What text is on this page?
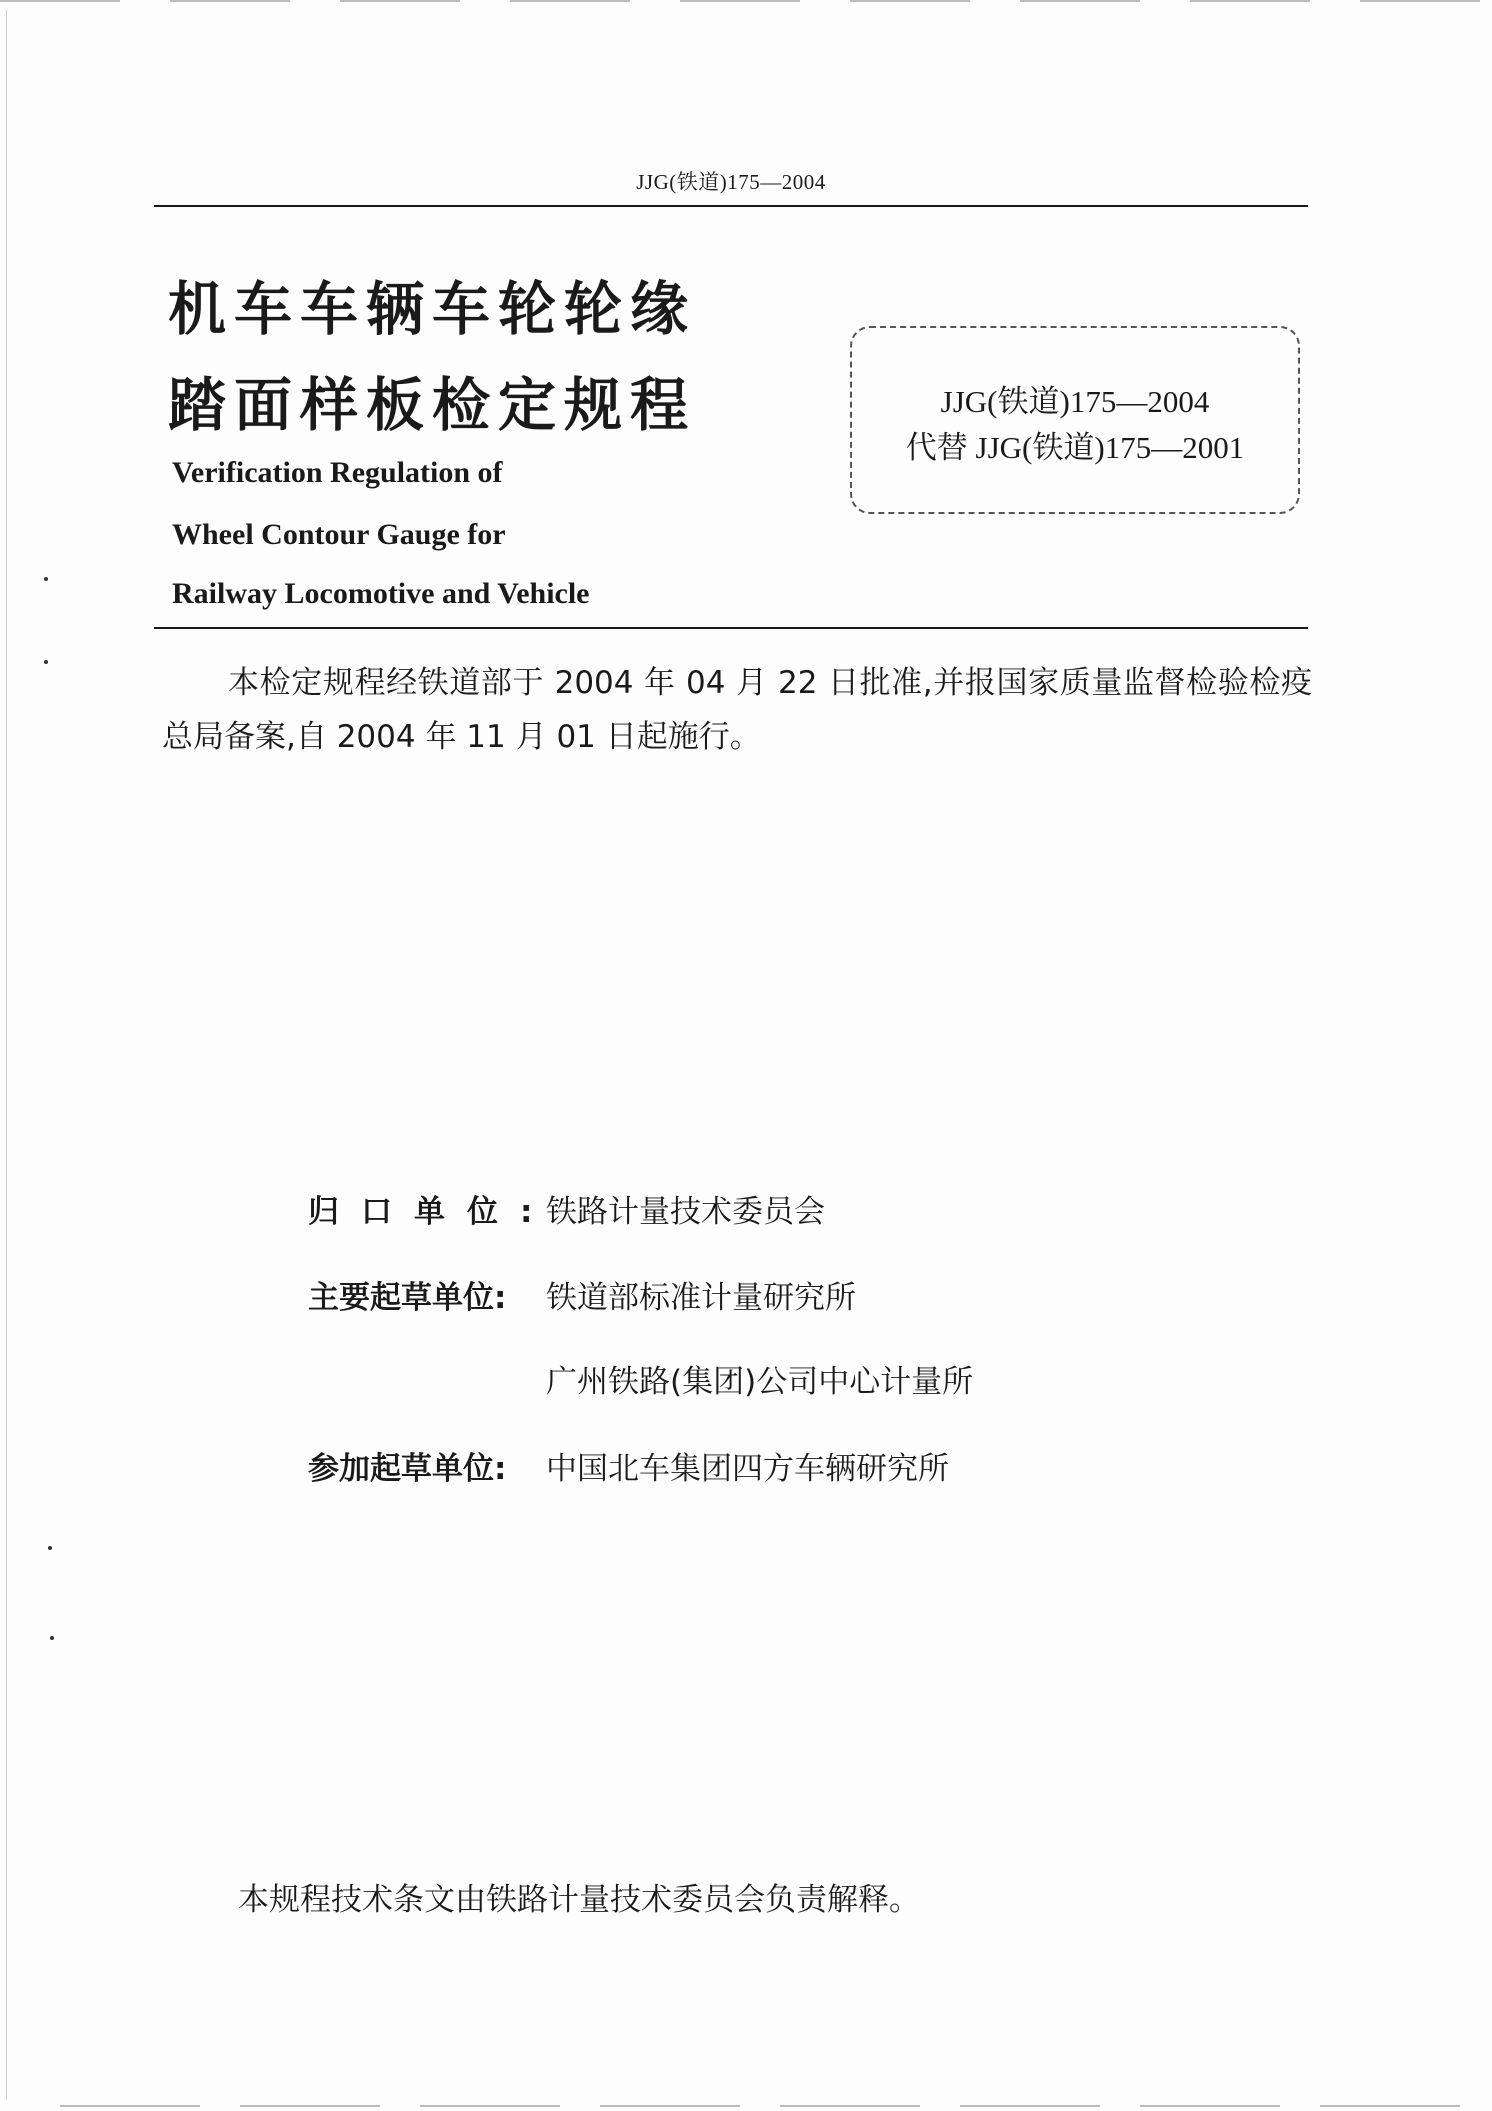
JJG(铁道)175—2004
机车车辆车轮轮缘
踏面样板检定规程
Verification Regulation of
Wheel Contour Gauge for
Railway Locomotive and Vehicle
JJG(铁道)175—2004
代替 JJG(铁道)175—2001
本检定规程经铁道部于 2004 年 04 月 22 日批准,并报国家质量监督检验检疫总局备案,自 2004 年 11 月 01 日起施行。
归口单位:铁路计量技术委员会
主要起草单位: 铁道部标准计量研究所
广州铁路(集团)公司中心计量所
参加起草单位: 中国北车集团四方车辆研究所
本规程技术条文由铁路计量技术委员会负责解释。
